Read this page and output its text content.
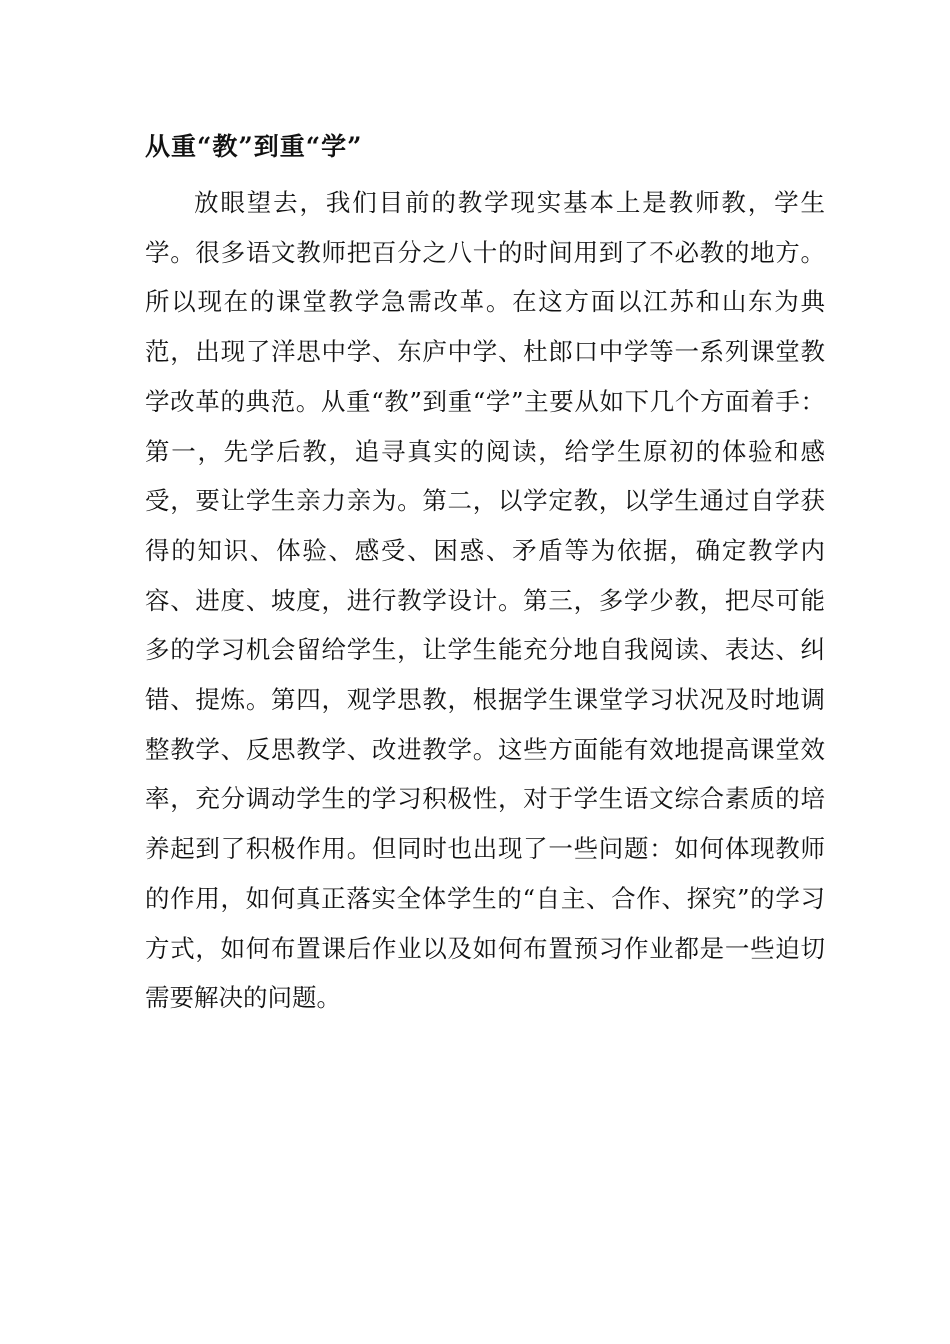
从重“教”到重“学”

放眼望去，我们目前的教学现实基本上是教师教，学生学。很多语文教师把百分之八十的时间用到了不必教的地方。所以现在的课堂教学急需改革。在这方面以江苏和山东为典范，出现了洋思中学、东庐中学、杜郎口中学等一系列课堂教学改革的典范。从重“教”到重“学”主要从如下几个方面着手：第一，先学后教，追寻真实的阅读，给学生原初的体验和感受，要让学生亲力亲为。第二，以学定教，以学生通过自学获得的知识、体验、感受、困惑、矛盾等为依据，确定教学内容、进度、坡度，进行教学设计。第三，多学少教，把尽可能多的学习机会留给学生，让学生能充分地自我阅读、表达、纠错、提炼。第四，观学思教，根据学生课堂学习状况及时地调整教学、反思教学、改进教学。这些方面能有效地提高课堂效率，充分调动学生的学习积极性，对于学生语文综合素质的培养起到了积极作用。但同时也出现了一些问题：如何体现教师的作用，如何真正落实全体学生的“自主、合作、探究”的学习方式，如何布置课后作业以及如何布置预习作业都是一些迫切需要解决的问题。
